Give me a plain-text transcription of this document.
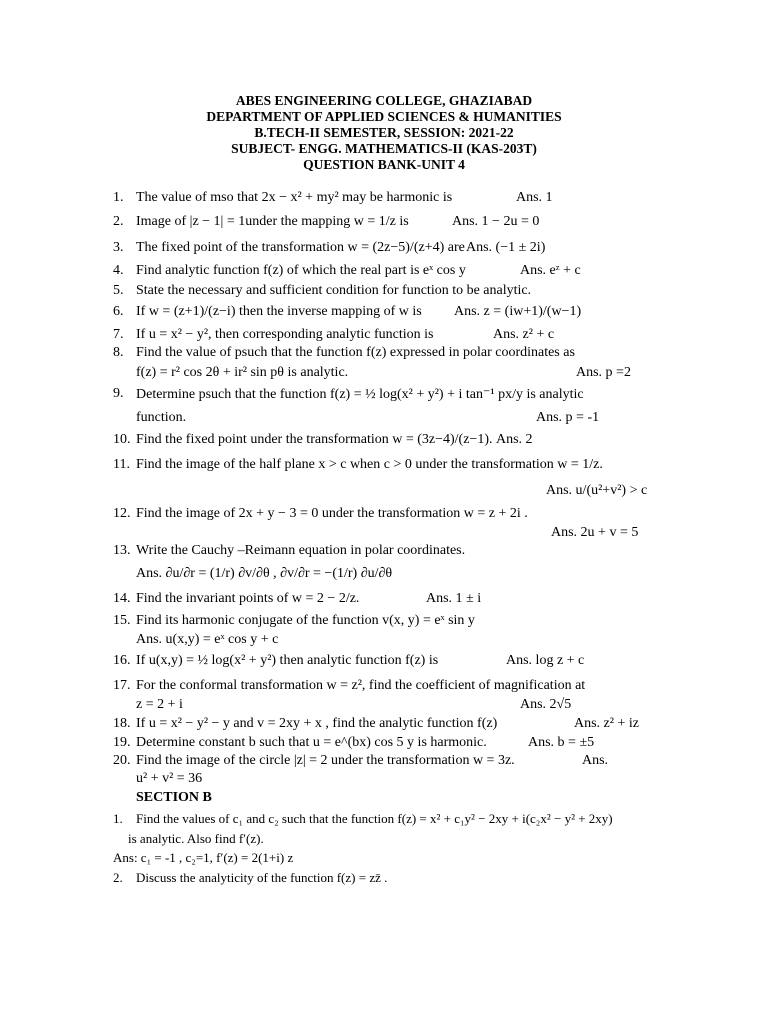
ABES ENGINEERING COLLEGE, GHAZIABAD
DEPARTMENT OF APPLIED SCIENCES & HUMANITIES
B.TECH-II SEMESTER, SESSION: 2021-22
SUBJECT- ENGG. MATHEMATICS-II (KAS-203T)
QUESTION BANK-UNIT 4
1. The value of mso that 2x − x² + my² may be harmonic is	Ans. 1
2. Image of |z − 1| = 1under the mapping w = 1/z is	Ans. 1 − 2u = 0
3. The fixed point of the transformation w = (2z−5)/(z+4) are Ans. (−1 ± 2i)
4. Find analytic function f(z) of which the real part is eˣ cos y	Ans. eᶻ + c
5. State the necessary and sufficient condition for function to be analytic.
6. If w = (z+1)/(z−i) then the inverse mapping of w is Ans. z = (iw+1)/(w−1)
7. If u = x² − y², then corresponding analytic function is	Ans. z² + c
8. Find the value of psuch that the function f(z) expressed in polar coordinates as
f(z) = r² cos 2θ + ir² sin pθ is analytic.	Ans. p =2
9. Determine psuch that the function f(z) = ½ log(x² + y²) + i tan⁻¹ px/y is analytic
function.	Ans. p = -1
10. Find the fixed point under the transformation w = (3z−4)/(z−1). Ans. 2
11. Find the image of the half plane x > c when c > 0 under the transformation w = 1/z.
Ans. u/(u²+v²) > c
12. Find the image of 2x + y − 3 = 0 under the transformation w = z + 2i .
Ans. 2u + v = 5
13. Write the Cauchy –Reimann equation in polar coordinates.
Ans. ∂u/∂r = (1/r) ∂v/∂θ , ∂v/∂r = −(1/r) ∂u/∂θ
14. Find the invariant points of w = 2 − 2/z.	Ans. 1 ± i
15. Find its harmonic conjugate of the function v(x, y) = eˣ sin y
Ans. u(x,y) = eˣ cos y + c
16. If u(x,y) = ½ log(x² + y²) then analytic function f(z) is	Ans. log z + c
17. For the conformal transformation w = z², find the coefficient of magnification at
z = 2 + i	Ans. 2√5
18. If u = x² − y² − y and v = 2xy + x , find the analytic function f(z)	Ans. z² + iz
19. Determine constant b such that u = e^(bx) cos 5 y is harmonic.	Ans. b = ±5
20. Find the image of the circle |z| = 2 under the transformation w = 3z.	Ans.
u² + v² = 36
SECTION B
1. Find the values of c₁ and c₂ such that the function f(z) = x² + c₁y² − 2xy + i(c₂x² − y² + 2xy)
is analytic. Also find f′(z).
Ans: c₁ = -1 , c₂=1, f′(z) = 2(1+i) z
2. Discuss the analyticity of the function f(z) = zz̄ .
